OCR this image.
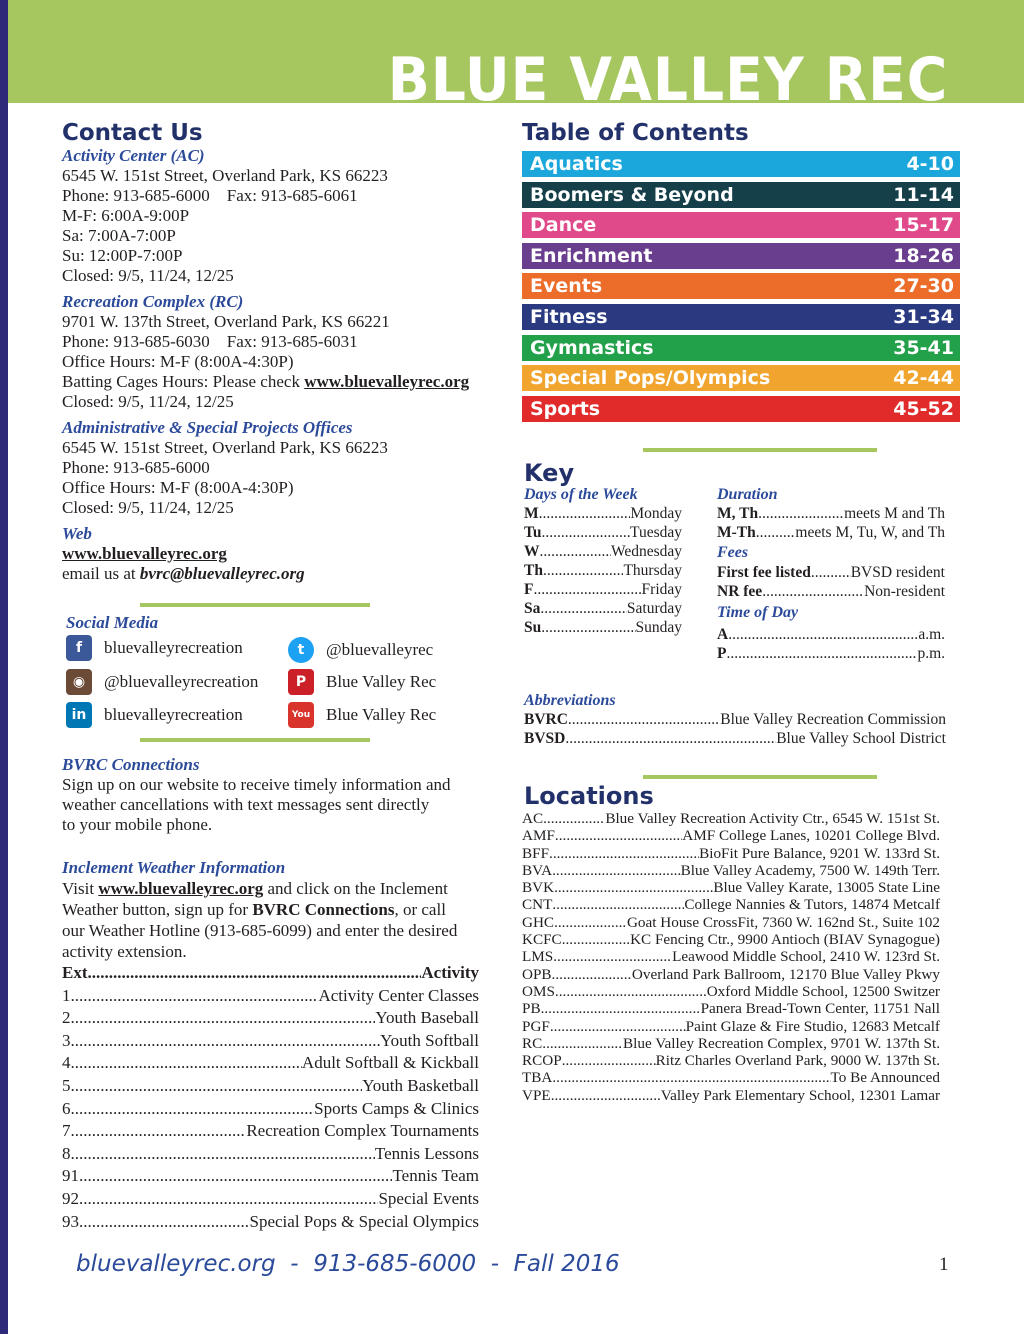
BLUE VALLEY REC
Contact Us
Activity Center (AC)
6545 W. 151st Street, Overland Park, KS 66223
Phone: 913-685-6000    Fax: 913-685-6061
M-F: 6:00A-9:00P
Sa: 7:00A-7:00P
Su: 12:00P-7:00P
Closed: 9/5, 11/24, 12/25
Recreation Complex (RC)
9701 W. 137th Street, Overland Park, KS 66221
Phone: 913-685-6030    Fax: 913-685-6031
Office Hours: M-F (8:00A-4:30P)
Batting Cages Hours: Please check www.bluevalleyrec.org
Closed: 9/5, 11/24, 12/25
Administrative & Special Projects Offices
6545 W. 151st Street, Overland Park, KS 66223
Phone: 913-685-6000
Office Hours: M-F (8:00A-4:30P)
Closed: 9/5, 11/24, 12/25
Web
www.bluevalleyrec.org
email us at bvrc@bluevalleyrec.org
Social Media
f	bluevalleyrecreation	t	@bluevalleyrec
◉	@bluevalleyrecreation	P	Blue Valley Rec
in	bluevalleyrecreation	You Blue Valley Rec
BVRC Connections
Sign up on our website to receive timely information and
weather cancellations with text messages sent directly
to your mobile phone.
Inclement Weather Information
Visit www.bluevalleyrec.org and click on the Inclement
Weather button, sign up for BVRC Connections, or call
our Weather Hotline (913-685-6099) and enter the desired
activity extension.
Ext. .....	Activity
1 .....	Activity Center Classes
2 .....	Youth Baseball
3 .....	Youth Softball
4 .....	Adult Softball & Kickball
5 .....	Youth Basketball
6 .....	Sports Camps & Clinics
7 .....	Recreation Complex Tournaments
8 .....	Tennis Lessons
91 .....	Tennis Team
92 .....	Special Events
93 .....	Special Pops & Special Olympics
Table of Contents
Aquatics	4-10
Boomers & Beyond	11-14
Dance	15-17
Enrichment	18-26
Events	27-30
Fitness	31-34
Gymnastics	35-41
Special Pops/Olympics	42-44
Sports	45-52
Key
Days of the Week
M .....	Monday
Tu .....	Tuesday
W .....	Wednesday
Th .....	Thursday
F .....	Friday
Sa .....	Saturday
Su .....	Sunday
Duration
M, Th .....	meets M and Th
M-Th .....	meets M, Tu, W, and Th
Fees
First fee listed .....	BVSD resident
NR fee .....	Non-resident
Time of Day
A .....	a.m.
P .....	p.m.
Abbreviations
BVRC .....	Blue Valley Recreation Commission
BVSD .....	Blue Valley School District
Locations
AC .....	Blue Valley Recreation Activity Ctr., 6545 W. 151st St.
AMF .....	AMF College Lanes, 10201 College Blvd.
BFF .....	BioFit Pure Balance, 9201 W. 133rd St.
BVA .....	Blue Valley Academy, 7500 W. 149th Terr.
BVK .....	Blue Valley Karate, 13005 State Line
CNT .....	College Nannies & Tutors, 14874 Metcalf
GHC .....	Goat House CrossFit, 7360 W. 162nd St., Suite 102
KCFC .....	KC Fencing Ctr., 9900 Antioch (BIAV Synagogue)
LMS .....	Leawood Middle School, 2410 W. 123rd St.
OPB .....	Overland Park Ballroom, 12170 Blue Valley Pkwy
OMS .....	Oxford Middle School, 12500 Switzer
PB .....	Panera Bread-Town Center, 11751 Nall
PGF .....	Paint Glaze & Fire Studio, 12683 Metcalf
RC .....	Blue Valley Recreation Complex, 9701 W. 137th St.
RCOP .....	Ritz Charles Overland Park, 9000 W. 137th St.
TBA .....	To Be Announced
VPE .....	Valley Park Elementary School, 12301 Lamar
bluevalleyrec.org  -  913-685-6000  -  Fall 2016	1
